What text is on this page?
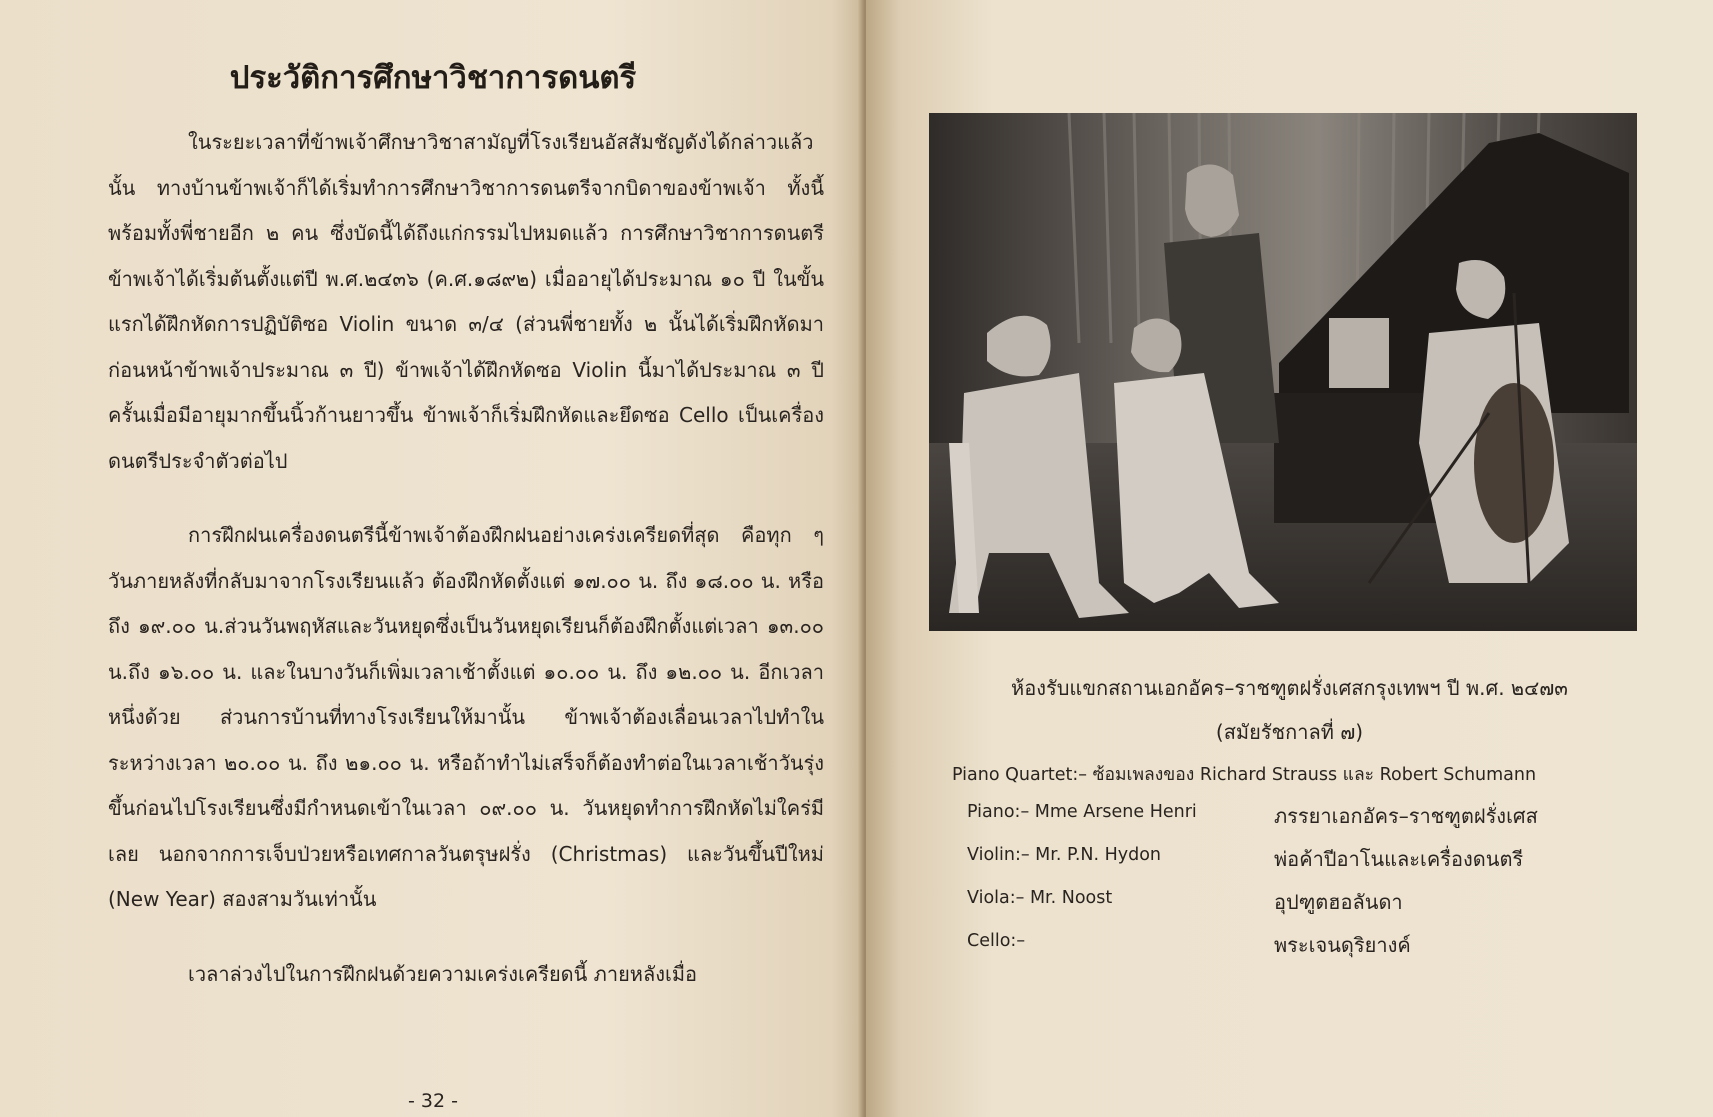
ประวัติการศึกษาวิชาการดนตรี

ในระยะเวลาที่ข้าพเจ้าศึกษาวิชาสามัญที่โรงเรียนอัสสัมชัญดังได้กล่าวแล้วนั้น ทางบ้านข้าพเจ้าก็ได้เริ่มทำการศึกษาวิชาการดนตรีจากบิดาของข้าพเจ้า ทั้งนี้พร้อมทั้งพี่ชายอีก ๒ คน ซึ่งบัดนี้ได้ถึงแก่กรรมไปหมดแล้ว การศึกษาวิชาการดนตรี ข้าพเจ้าได้เริ่มต้นตั้งแต่ปี พ.ศ.๒๔๓๖ (ค.ศ.๑๘๙๒) เมื่ออายุได้ประมาณ ๑๐ ปี ในขั้นแรกได้ฝึกหัดการปฏิบัติซอ Violin ขนาด ๓/๔ (ส่วนพี่ชายทั้ง ๒ นั้นได้เริ่มฝึกหัดมาก่อนหน้าข้าพเจ้าประมาณ ๓ ปี) ข้าพเจ้าได้ฝึกหัดซอ Violin นี้มาได้ประมาณ ๓ ปี ครั้นเมื่อมีอายุมากขึ้นนิ้วก้านยาวขึ้น ข้าพเจ้าก็เริ่มฝึกหัดและยึดซอ Cello เป็นเครื่องดนตรีประจำตัวต่อไป

การฝึกฝนเครื่องดนตรีนี้ข้าพเจ้าต้องฝึกฝนอย่างเคร่งเครียดที่สุด คือทุก ๆ วันภายหลังที่กลับมาจากโรงเรียนแล้ว ต้องฝึกหัดตั้งแต่ ๑๗.๐๐ น. ถึง ๑๘.๐๐ น. หรือ ถึง ๑๙.๐๐ น.ส่วนวันพฤหัสและวันหยุดซึ่งเป็นวันหยุดเรียนก็ต้องฝึกตั้งแต่เวลา ๑๓.๐๐ น.ถึง ๑๖.๐๐ น. และในบางวันก็เพิ่มเวลาเช้าตั้งแต่ ๑๐.๐๐ น. ถึง ๑๒.๐๐ น. อีกเวลาหนึ่งด้วย ส่วนการบ้านที่ทางโรงเรียนให้มานั้น ข้าพเจ้าต้องเลื่อนเวลาไปทำในระหว่างเวลา ๒๐.๐๐ น. ถึง ๒๑.๐๐ น. หรือถ้าทำไม่เสร็จก็ต้องทำต่อในเวลาเช้าวันรุ่งขึ้นก่อนไปโรงเรียนซึ่งมีกำหนดเข้าในเวลา ๐๙.๐๐ น. วันหยุดทำการฝึกหัดไม่ใคร่มีเลย นอกจากการเจ็บป่วยหรือเทศกาลวันตรุษฝรั่ง (Christmas) และวันขึ้นปีใหม่ (New Year) สองสามวันเท่านั้น

เวลาล่วงไปในการฝึกฝนด้วยความเคร่งเครียดนี้ ภายหลังเมื่อ

- 32 -
ห้องรับแขกสถานเอกอัคร–ราชฑูตฝรั่งเศสกรุงเทพฯ ปี พ.ศ. ๒๔๗๓
(สมัยรัชกาลที่ ๗)
Piano Quartet:– ซ้อมเพลงของ Richard Strauss และ Robert Schumann
Piano:– Mme Arsene Henri	ภรรยาเอกอัคร–ราชฑูตฝรั่งเศส
Violin:– Mr. P.N. Hydon	พ่อค้าปีอาโนและเครื่องดนตรี
Viola:– Mr. Noost	อุปฑูตฮอลันดา
Cello:–	พระเจนดุริยางค์
